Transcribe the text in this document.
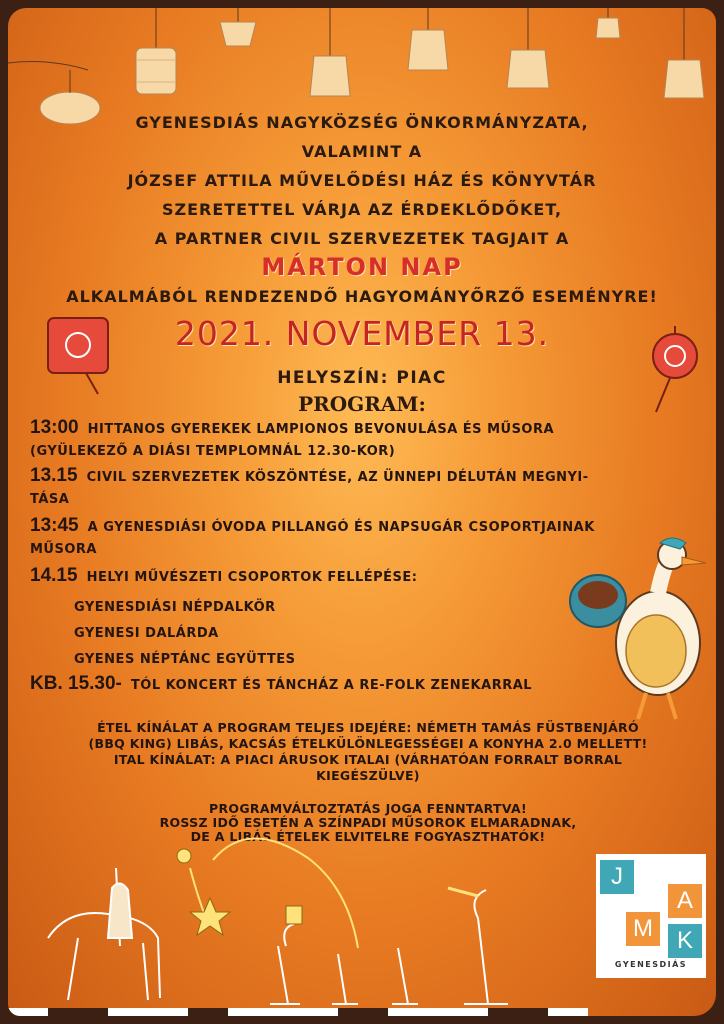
GYENESDIÁS NAGYKÖZSÉG ÖNKORMÁNYZATA,
VALAMINT A
JÓZSEF ATTILA MŰVELŐDÉSI HÁZ ÉS KÖNYVTÁR
SZERETETTEL VÁRJA AZ ÉRDEKLŐDŐKET,
A PARTNER CIVIL SZERVEZETEK TAGJAIT A
MÁRTON NAP
ALKALMÁBÓL RENDEZENDŐ HAGYOMÁNYŐRZŐ ESEMÉNYRE!
2021. NOVEMBER 13.
HELYSZÍN: PIAC
PROGRAM:
13:00 HITTANOS GYEREKEK LAMPIONOS BEVONULÁSA ÉS MŰSORA
(GYÜLEKEZŐ A DIÁSI TEMPLOMNÁL 12.30-KOR)
13.15 CIVIL SZERVEZETEK KÖSZÖNTÉSE, AZ ÜNNEPI DÉLUTÁN MEGNYI-
TÁSA
13:45 A GYENESDIÁSI ÓVODA PILLANGÓ ÉS NAPSUGÁR CSOPORTJAINAK
MŰSORA
14.15 HELYI MŰVÉSZETI CSOPORTOK FELLÉPÉSE:
GYENESDIÁSI NÉPDALKÖR
GYENESI DALÁRDA
GYENES NÉPTÁNC EGYÜTTES
KB. 15.30- TÓL KONCERT ÉS TÁNCHÁZ A RE-FOLK ZENEKARRAL
ÉTEL KÍNÁLAT A PROGRAM TELJES IDEJÉRE: NÉMETH TAMÁS FÜSTBENJÁRÓ
(BBQ KING) LIBÁS, KACSÁS ÉTELKÜLÖNLEGESSÉGEI A KONYHA 2.0 MELLETT!
ITAL KÍNÁLAT: A PIACI ÁRUSOK ITALAI (VÁRHATÓAN FORRALT BORRAL
KIEGÉSZÜLVE)
PROGRAMVÁLTOZTATÁS JOGA FENNTARTVA!
ROSSZ IDŐ ESETÉN A SZÍNPADI MŰSOROK ELMARADNAK,
DE A LIBÁS ÉTELEK ELVITELRE FOGYASZTHATÓK!
J
A
M K
GYENESDIÁS
